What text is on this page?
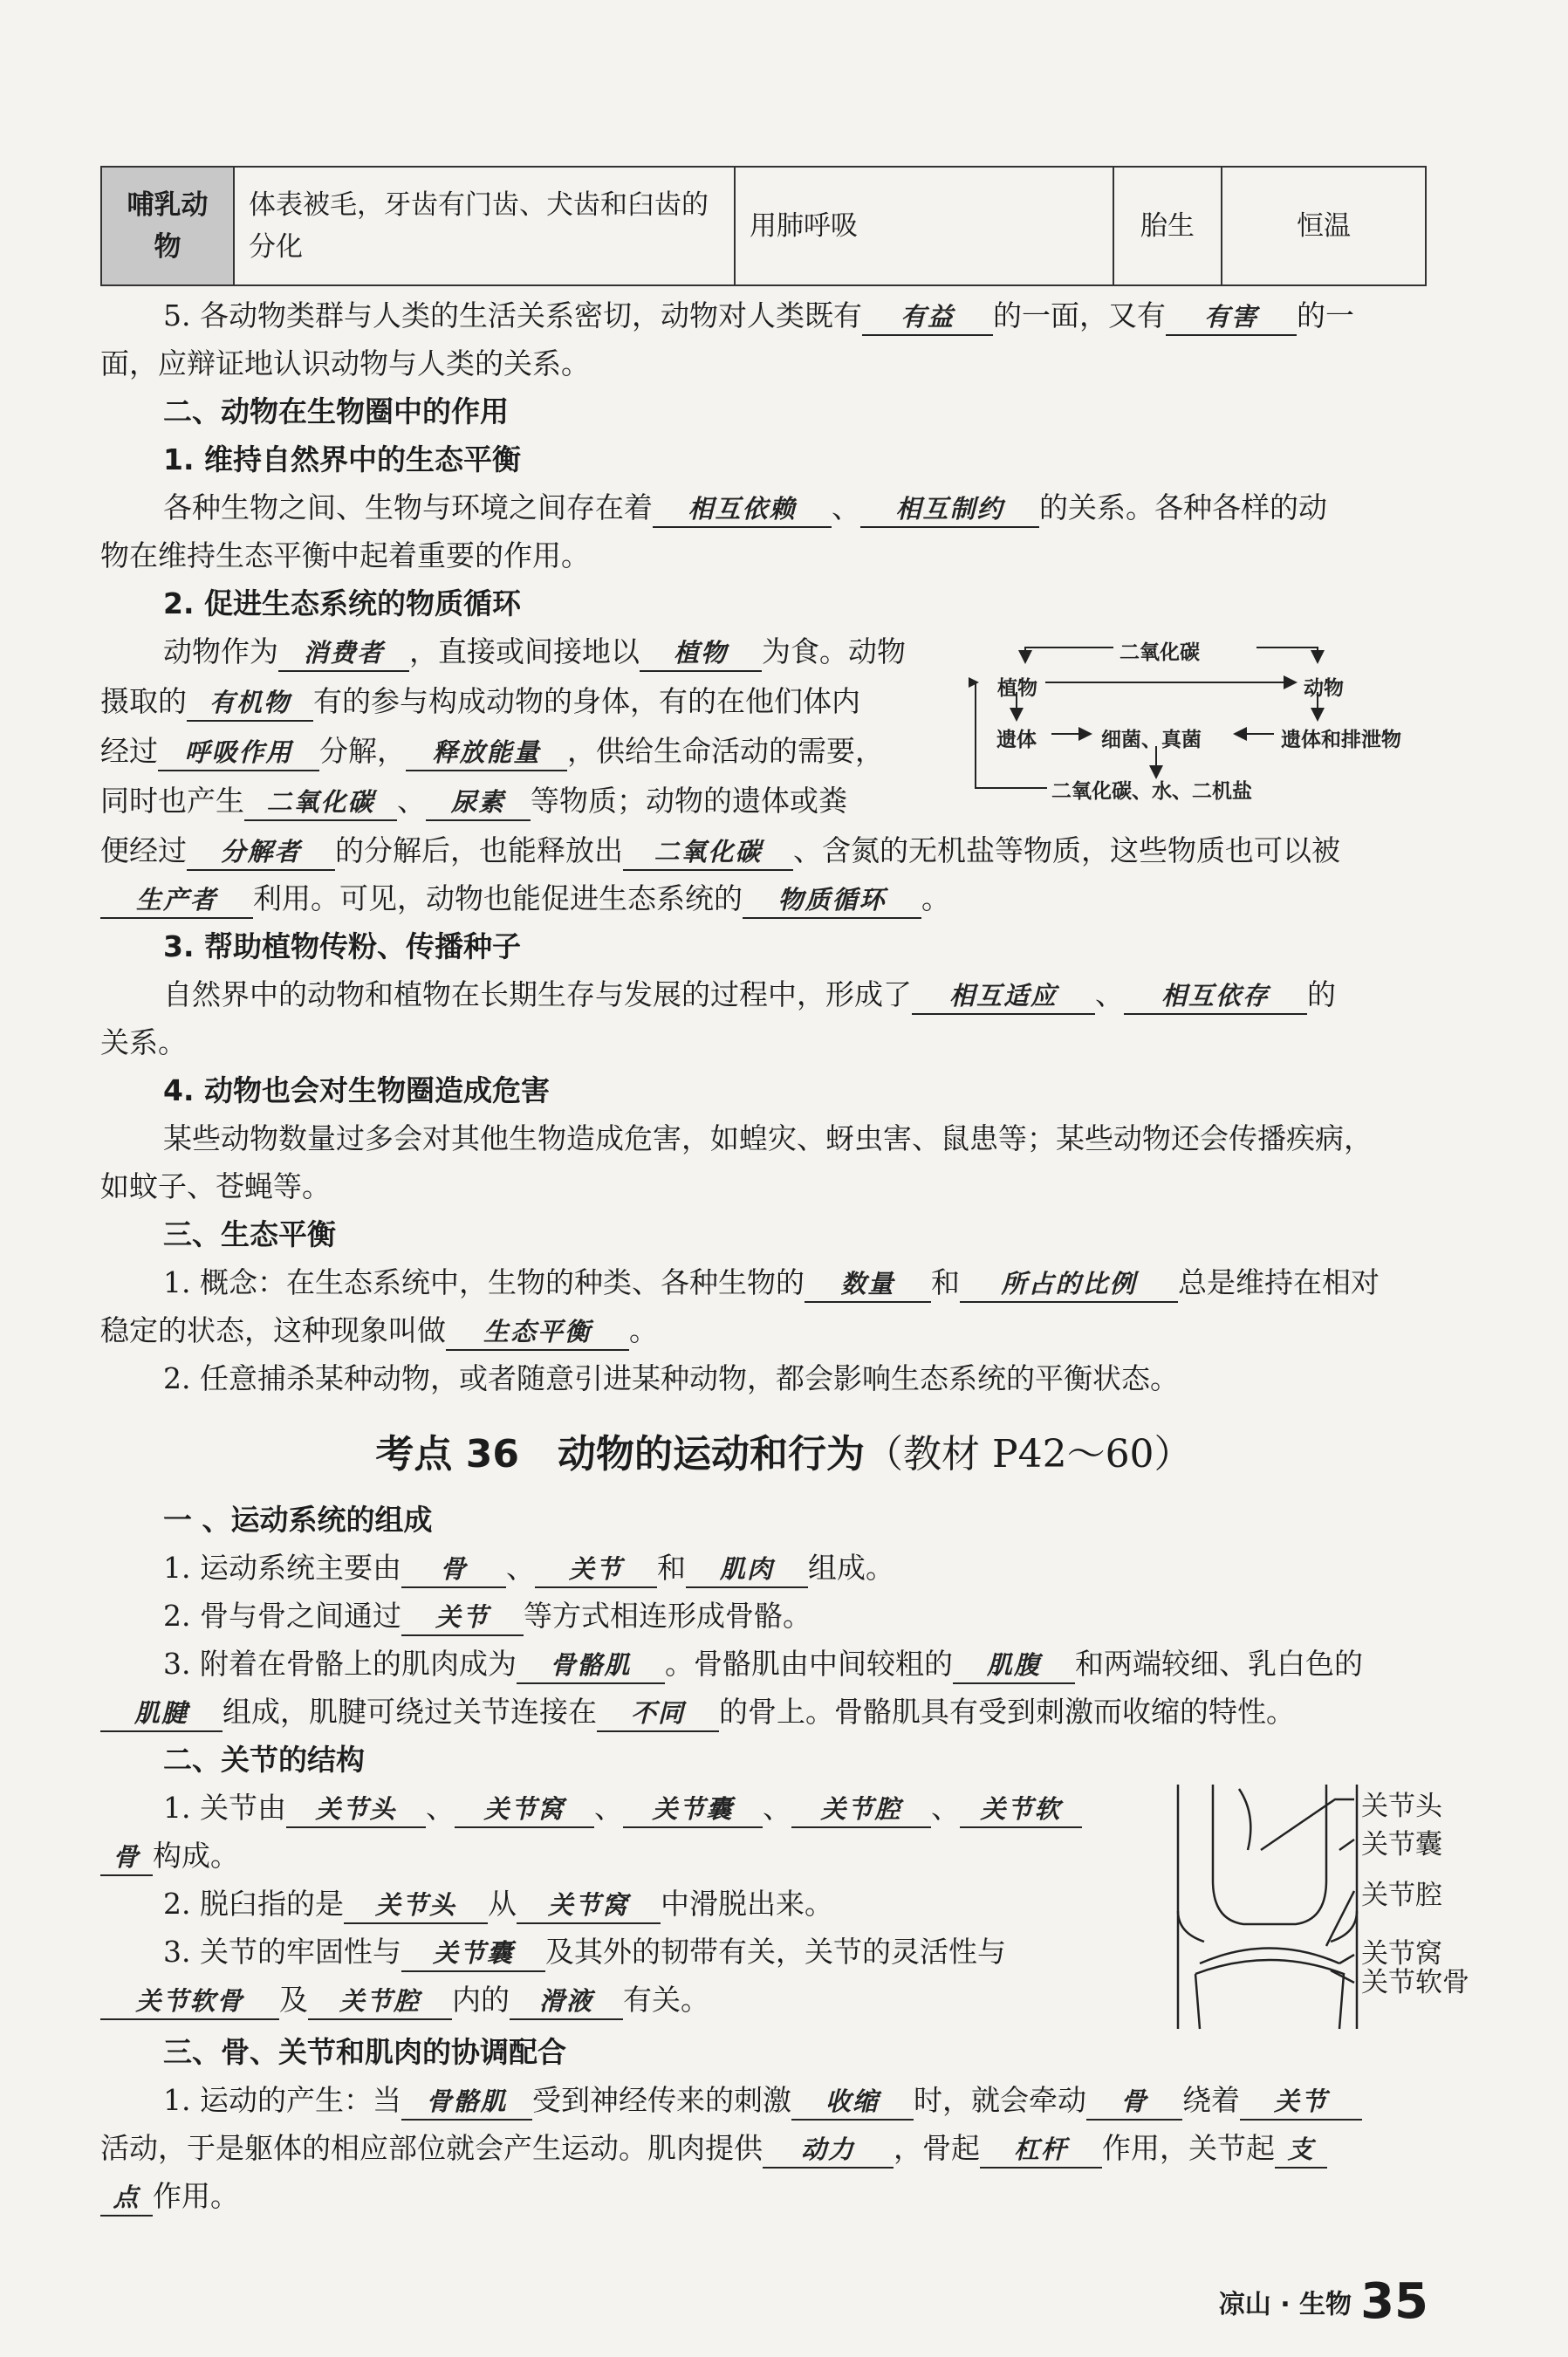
哺乳动物	体表被毛，牙齿有门齿、犬齿和臼齿的分化	用肺呼吸	胎生	恒温
5. 各动物类群与人类的生活关系密切，动物对人类既有 有益 的一面，又有 有害 的一
面，应辩证地认识动物与人类的关系。
二、动物在生物圈中的作用
1. 维持自然界中的生态平衡
各种生物之间、生物与环境之间存在着 相互依赖 、 相互制约 的关系。各种各样的动
物在维持生态平衡中起着重要的作用。
2. 促进生态系统的物质循环
动物作为 消费者 ，直接或间接地以 植物 为食。动物
摄取的 有机物 有的参与构成动物的身体，有的在他们体内
经过 呼吸作用 分解， 释放能量 ，供给生命活动的需要，
同时也产生 二氧化碳 、 尿素 等物质；动物的遗体或粪
便经过 分解者 的分解后，也能释放出 二氧化碳 、含氮的无机盐等物质，这些物质也可以被
生产者 利用。可见，动物也能促进生态系统的 物质循环 。
二氧化碳
植物	动物
遗体	细菌、真菌	遗体和排泄物
二氧化碳、水、二机盐
3. 帮助植物传粉、传播种子
自然界中的动物和植物在长期生存与发展的过程中，形成了 相互适应 、 相互依存 的
关系。
4. 动物也会对生物圈造成危害
某些动物数量过多会对其他生物造成危害，如蝗灾、蚜虫害、鼠患等；某些动物还会传播疾病，
如蚊子、苍蝇等。
三、生态平衡
1. 概念：在生态系统中，生物的种类、各种生物的 数量 和 所占的比例 总是维持在相对
稳定的状态，这种现象叫做 生态平衡 。
2. 任意捕杀某种动物，或者随意引进某种动物，都会影响生态系统的平衡状态。
考点 36　动物的运动和行为（教材 P42～60）
一 、运动系统的组成
1. 运动系统主要由 骨 、 关节 和 肌肉 组成。
2. 骨与骨之间通过 关节 等方式相连形成骨骼。
3. 附着在骨骼上的肌肉成为 骨骼肌 。骨骼肌由中间较粗的 肌腹 和两端较细、乳白色的
肌腱 组成，肌腱可绕过关节连接在 不同 的骨上。骨骼肌具有受到刺激而收缩的特性。
二、关节的结构
1. 关节由 关节头 、 关节窝 、 关节囊 、 关节腔 、 关节软
骨 构成。
2. 脱臼指的是 关节头 从 关节窝 中滑脱出来。
3. 关节的牢固性与 关节囊 及其外的韧带有关，关节的灵活性与
关节软骨 及 关节腔 内的 滑液 有关。
关节头
关节囊
关节腔
关节窝
关节软骨
三、骨、关节和肌肉的协调配合
1. 运动的产生：当 骨骼肌 受到神经传来的刺激 收缩 时，就会牵动 骨 绕着 关节
活动，于是躯体的相应部位就会产生运动。肌肉提供 动力 ，骨起 杠杆 作用，关节起 支
点 作用。
凉山 · 生物 35
